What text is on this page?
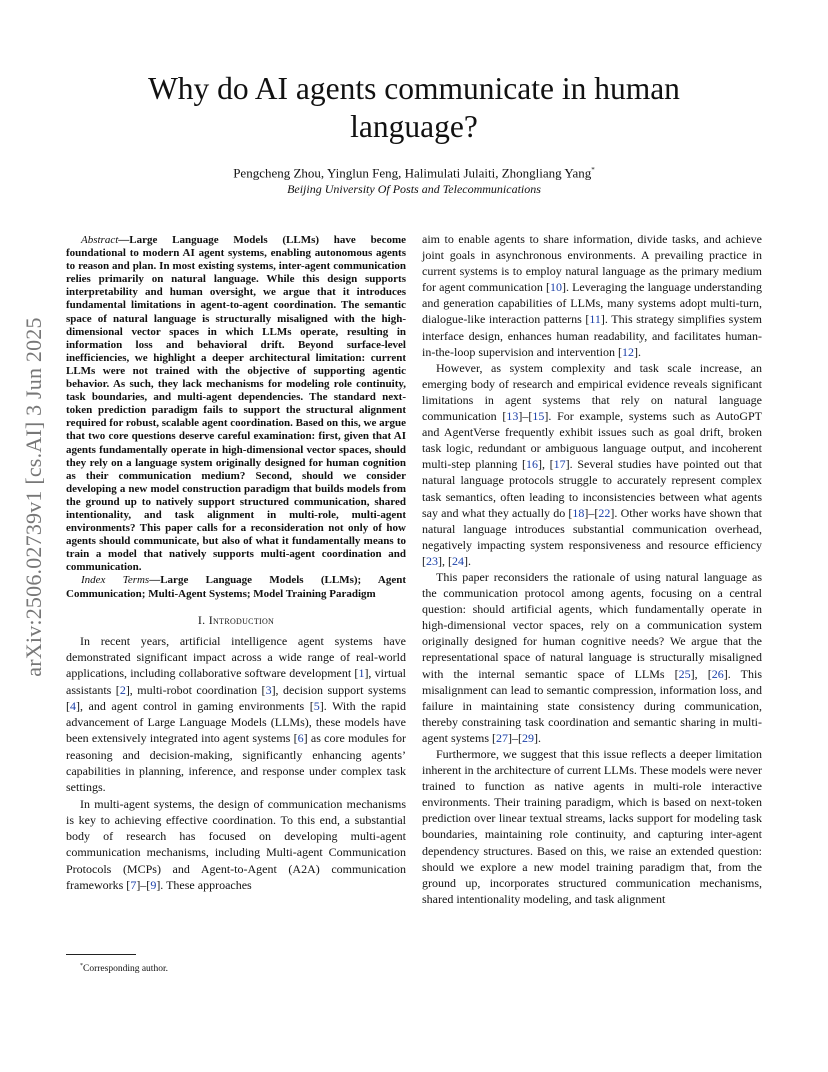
arXiv:2506.02739v1 [cs.AI] 3 Jun 2025
Why do AI agents communicate in human language?
Pengcheng Zhou, Yinglun Feng, Halimulati Julaiti, Zhongliang Yang*
Beijing University Of Posts and Telecommunications

Abstract—Large Language Models (LLMs) have become foundational to modern AI agent systems, enabling autonomous agents to reason and plan. In most existing systems, inter-agent communication relies primarily on natural language. While this design supports interpretability and human oversight, we argue that it introduces fundamental limitations in agent-to-agent coordination. The semantic space of natural language is structurally misaligned with the high-dimensional vector spaces in which LLMs operate, resulting in information loss and behavioral drift. Beyond surface-level inefficiencies, we highlight a deeper architectural limitation: current LLMs were not trained with the objective of supporting agentic behavior. As such, they lack mechanisms for modeling role continuity, task boundaries, and multi-agent dependencies. The standard next-token prediction paradigm fails to support the structural alignment required for robust, scalable agent coordination. Based on this, we argue that two core questions deserve careful examination: first, given that AI agents fundamentally operate in high-dimensional vector spaces, should they rely on a language system originally designed for human cognition as their communication medium? Second, should we consider developing a new model construction paradigm that builds models from the ground up to natively support structured communication, shared intentionality, and task alignment in multi-role, multi-agent environments? This paper calls for a reconsideration not only of how agents should communicate, but also of what it fundamentally means to train a model that natively supports multi-agent coordination and communication.

Index Terms—Large Language Models (LLMs); Agent Communication; Multi-Agent Systems; Model Training Paradigm

I. Introduction

In recent years, artificial intelligence agent systems have demonstrated significant impact across a wide range of real-world applications, including collaborative software development [1], virtual assistants [2], multi-robot coordination [3], decision support systems [4], and agent control in gaming environments [5]. With the rapid advancement of Large Language Models (LLMs), these models have been extensively integrated into agent systems [6] as core modules for reasoning and decision-making, significantly enhancing agents’ capabilities in planning, inference, and response under complex task settings.

In multi-agent systems, the design of communication mechanisms is key to achieving effective coordination. To this end, a substantial body of research has focused on developing multi-agent communication mechanisms, including Multi-agent Communication Protocols (MCPs) and Agent-to-Agent (A2A) communication frameworks [7]–[9]. These approaches

aim to enable agents to share information, divide tasks, and achieve joint goals in asynchronous environments. A prevailing practice in current systems is to employ natural language as the primary medium for agent communication [10]. Leveraging the language understanding and generation capabilities of LLMs, many systems adopt multi-turn, dialogue-like interaction patterns [11]. This strategy simplifies system interface design, enhances human readability, and facilitates human-in-the-loop supervision and intervention [12].

However, as system complexity and task scale increase, an emerging body of research and empirical evidence reveals significant limitations in agent systems that rely on natural language communication [13]–[15]. For example, systems such as AutoGPT and AgentVerse frequently exhibit issues such as goal drift, broken task logic, redundant or ambiguous language output, and incoherent multi-step planning [16], [17]. Several studies have pointed out that natural language protocols struggle to accurately represent complex task semantics, often leading to inconsistencies between what agents say and what they actually do [18]–[22]. Other works have shown that natural language introduces substantial communication overhead, negatively impacting system responsiveness and resource efficiency [23], [24].

This paper reconsiders the rationale of using natural language as the communication protocol among agents, focusing on a central question: should artificial agents, which fundamentally operate in high-dimensional vector spaces, rely on a communication system originally designed for human cognitive needs? We argue that the representational space of natural language is structurally misaligned with the internal semantic space of LLMs [25], [26]. This misalignment can lead to semantic compression, information loss, and failure in maintaining state consistency during communication, thereby constraining task coordination and semantic sharing in multi-agent systems [27]–[29].

Furthermore, we suggest that this issue reflects a deeper limitation inherent in the architecture of current LLMs. These models were never trained to function as native agents in multi-role interactive environments. Their training paradigm, which is based on next-token prediction over linear textual streams, lacks support for modeling task boundaries, maintaining role continuity, and capturing inter-agent dependency structures. Based on this, we raise an extended question: should we explore a new model training paradigm that, from the ground up, incorporates structured communication mechanisms, shared intentionality modeling, and task alignment

*Corresponding author.
